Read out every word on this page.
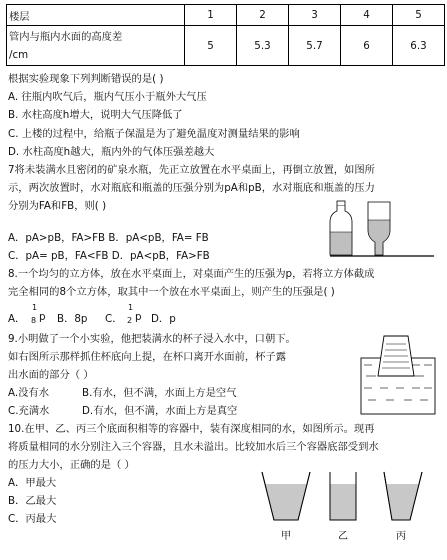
楼层	1	2	3	4	5

管内与瓶内水面的高度差
/cm	5	5.3	5.7	6	6.3
根据实验现象下列判断错误的是( )
A. 往瓶内吹气后，瓶内气压小于瓶外大气压
B. 水柱高度h增大，说明大气压降低了
C. 上楼的过程中，给瓶子保温是为了避免温度对测量结果的影响
D. 水柱高度h越大，瓶内外的气体压强差越大
7将未装满水且密闭的矿泉水瓶，先正立放置在水平桌面上，再倒立放置，如图所
示，两次放置时，水对瓶底和瓶盖的压强分别为pA和pB，水对瓶底和瓶盖的压力
分别为FA和FB，则( )
A．pA>pB，FA>FB B．pA<pB，FA= FB
C．pA= pB，FA<FB D．pA<pB，FA>FB
8.一个均匀的立方体，放在水平桌面上，对桌面产生的压强为p，若将立方体截成
完全相同的8个立方体，取其中一个放在水平桌面上，则产生的压强是( )
A．
1
8 p B．8p C．
1
2 p D．p
9.小明做了一个小实验，他把装满水的杯子浸入水中，口朝下。
如右图所示那样抓住杯底向上提，在杯口离开水面前，杯子露
出水面的部分（ ）
A.没有水	B.有水，但不满，水面上方是空气
C.充满水	D.有水，但不满，水面上方是真空
10.在甲、乙、丙三个底面积相等的容器中，装有深度相同的水，如图所示。现再
将质量相同的水分别注入三个容器，且水未溢出。比较加水后三个容器底部受到水
的压力大小，正确的是（ ）
A．甲最大
B．乙最大
C．丙最大
甲	乙	丙
